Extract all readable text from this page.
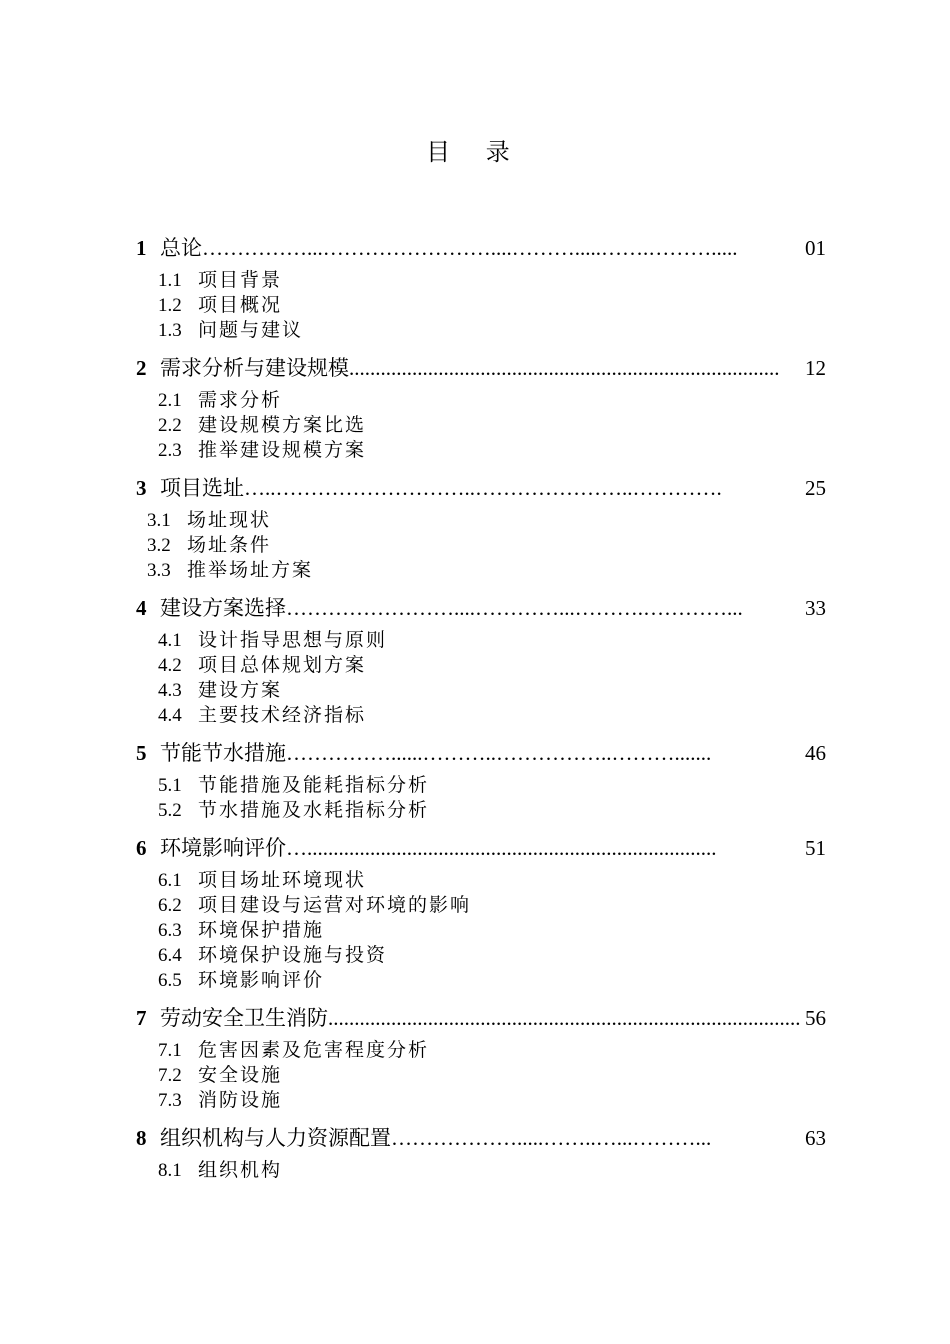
目 录
1 总论 ……………...……………………....……….....…….……….....	01
1.1 项目背景
1.2 项目概况
1.3 问题与建议
2 需求分析与建设规模 ..................................................................................	12
2.1 需求分析
2.2 建设规模方案比选
2.3 推举建设规模方案
3 项目选址 …..………………………..…………………..………….	25
3.1 场址现状
3.2 场址条件
3.3 推举场址方案
4 建设方案选择 ……………………....…………...……….…………...	33
4.1 设计指导思想与原则
4.2 项目总体规划方案
4.3 建设方案
4.4 主要技术经济指标
5 节能节水措施 ……………......………..……………..……….......	46
5.1 节能措施及能耗指标分析
5.2 节水措施及水耗指标分析
6 环境影响评价 …..............................................................................	51
6.1 项目场址环境现状
6.2 项目建设与运营对环境的影响
6.3 环境保护措施
6.4 环境保护设施与投资
6.5 环境影响评价
7 劳动安全卫生消防 .......................................................................................... 56
7.1 危害因素及危害程度分析
7.2 安全设施
7.3 消防设施
8 组织机构与人力资源配置 ……………….....……..…...………...	63
8.1 组织机构
